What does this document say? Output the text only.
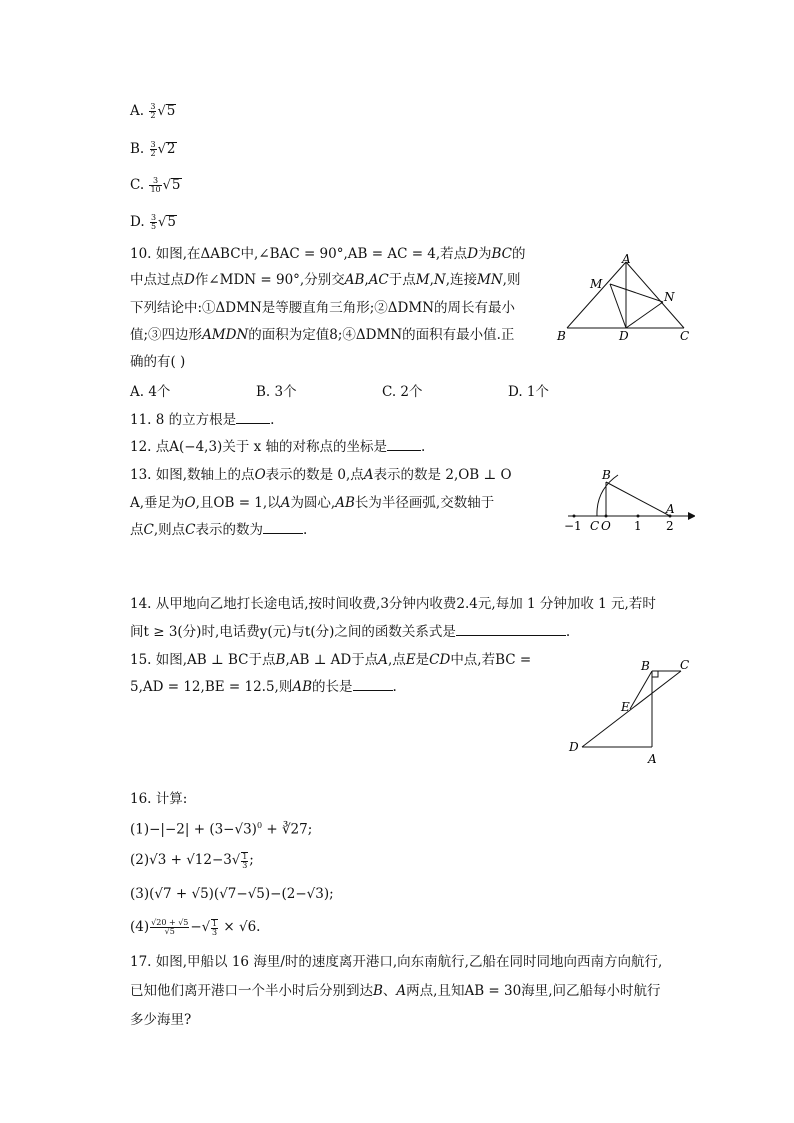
A. $\frac{3}{2} √5$
B. $\frac{3}{2} √2$
C. $\frac{3}{10} √5$
D. $\frac{3}{5} √5$
10. 如图,在ΔABC中,∠BAC = 90°,AB = AC = 4,若点D为BC的
中点过点D作∠MDN = 90°,分别交AB,AC于点M,N,连接MN,则
下列结论中:①ΔDMN是等腰直角三角形;②ΔDMN的周长有最小
值;③四边形AMDN的面积为定值8;④ΔDMN的面积有最小值.正
确的有( )
A. 4个	B. 3个	C. 2个	D. 1个
A
B	C
D
M
N
11. 8 的立方根是	.
12. 点A(−4,3)关于 x 轴的对称点的坐标是	.
13. 如图,数轴上的点O表示的数是 0,点A表示的数是 2,OB ⊥ O
A,垂足为O,且OB = 1,以A为圆心,AB长为半径画弧,交数轴于
点C,则点C表示的数为	.
B
A
−1 C O 1 2
14. 从甲地向乙地打长途电话,按时间收费,3分钟内收费2.4元,每加 1 分钟加收 1 元,若时
间t ≥ 3(分)时,电话费y(元)与t(分)之间的函数关系式是	.
15. 如图,AB ⊥ BC于点B,AB ⊥ AD于点A,点E是CD中点,若BC =
5,AD = 12,BE = 12.5,则AB的长是	.
B	C
E
D
A
16. 计算:
$(1)-|-2| + (3-√3)^0$ + ∛27;
$(2)√3 + √12-3√ \frac{1}{3}$ ;
(3)(√7 + √5)(√7−√5)−(2−√3);
$(4) \frac{√20 + √5}{√5}$ −√ $\frac{1}{3} \times √6$.
17. 如图,甲船以 16 海里/时的速度离开港口,向东南航行,乙船在同时同地向西南方向航行,
已知他们离开港口一个半小时后分别到达B、A两点,且知AB = 30海里,问乙船每小时航行
多少海里?
